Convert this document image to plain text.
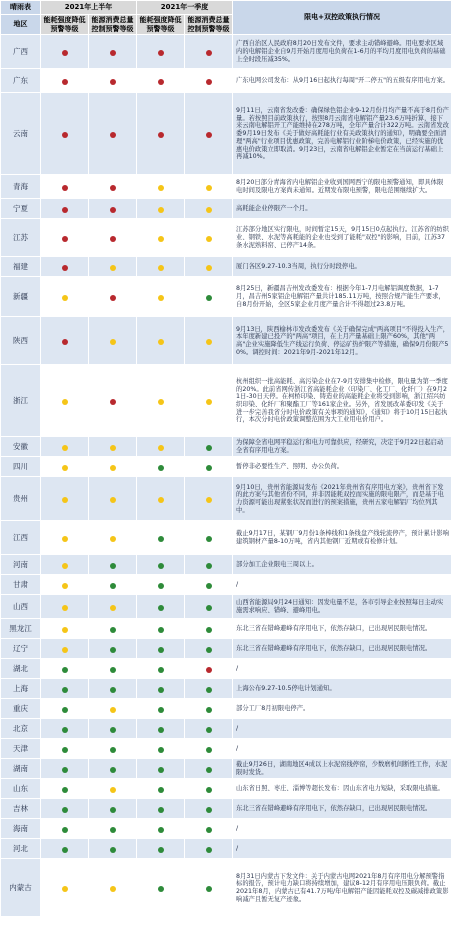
晴雨表	2021年上半年		2021年一季度		限电+双控政策执行情况
地区	能耗强度降低预警等级	能源消费总量控制预警等级	能耗强度降低预警等级	能源消费总量控制预警等级	
广西					广西自治区人民政府8月20日发布文件，要求主动错峰避峰。用电要求区域内的电解铝企业自9月开始月度用电负荷在1-6月的平均月度用电负荷的基础上全时段压减35%。
广东					广东电网公司发布：从9月16日起执行每周"开二停五"的五级有序用电方案。
云南					9月11日，云南省发改委：确保绿色铝企业9-12月份月均产量不高于8月份产量。若按照目前政策执行，按照8月云南省电解铝产量23.6万吨折算，接下来云南电解铝开工产能维持在278万吨，全年产量合计322万吨。云南省发改委9月19日发布《关于做好高耗能行业有关政策执行的通知》，明确要全面清理"两高"行业项目优惠政策，完善电解铝行业阶梯电价政策，已经实施的优惠电价政策立即取消。9月23日，云南省电解铝企业暂定在当前运行基础上再减10%。
青海					8月20日部分青海省内电解铝企业收到国网西宁的限电预警通知，即具体限电时间及限电方案尚未通知。近期发布限电预警，限电范围继续扩大。
宁夏					高耗能企业停限产一个月。
江苏					江苏部分地区实行限电，时间暂定15天，9月15日0点起执行。江苏省的纺织业、钢铁、水泥等高耗能的企业也受到了能耗"双控"的影响，目前，江苏37条水泥熟料窑、已停产14条。
福建					厦门各区9.27-10.3当周，执行分时段停电。
新疆					8月25日，新疆昌吉州发改委发布：根据今年1-7月电解铝调度数据，1-7月，昌吉州5家铝企电解铝产量共计185.11万吨，按照合规产能生产要求，自8月份开始，全区5家企业月度产量合计不得超过23.8万吨。
陕西					9月13日，陕西榆林市发改委发布《关于确保完成"两高项目"不得投入生产，本年度新建已投产的"两高"项目，在上月产量基础上限产60%，其他"两高"企业实施降低生产线运行负荷、停运矿热炉限产等措施，确保9月份限产50%。调控时间：2021年9月-2021年12月。
浙江					杭州组织一批高能耗、高污染企业在7-9月安排集中检修，限电量为第一季度的20%。此前省网传浙江省高能耗企业（印染厂、化工厂、化纤厂）在9月21日-30日天停。在柯桥印染、铸造业的高能耗企业将受到影响，浙江绍兴纺织印染、化纤厂和聚酯工厂等161家企业。另外，省发展改革委印发《关于进一步完善我省分时电价政策有关事项的通知》，《通知》将于10月15日起执行，本次分时电价政策调整范围为大工业用电价用户。
安徽					为保障全省电网平稳运行和电力可靠供应，经研究，决定于9月22日起启动全省有序用电方案。
四川					暂停非必要性生产、照明、办公负荷。
贵州					9月10日，贵州省能源局发布《2021年贵州省有序用电方案》，贵州省下发的此方案与其他省份不同，并非因能耗双控而实施的限电限产，而是基于电力资源可能出现紧张状况而进行的预案措施，贵州五家电解铝厂均位列其中。
江西					截止9月17日，某钢厂9月份1条棒线和1条线盘产线轮流停产，预计累计影响建筑钢材产量8-10万吨，省内其他钢厂近期或有检修计划。
河南					部分加工企业限电三周以上。
甘肃					/
山西					山西省能源局9月24日通知：因发电量不足，各市引导企业按照每日主动实施需求响应、错峰、避峰用电。
黑龙江					东北三省在错峰避峰有序用电下，依然存缺口，已出现居民限电情况。
辽宁					东北三省在错峰避峰有序用电下，依然存缺口，已出现居民限电情况。
湖北					/
上海					上海公布9.27-10.5停电计划通知。
重庆					部分工厂8月初限电停产。
北京					/
天津					/
湖南					截止9月26日，湖南地区4成以上水泥窑线停窑，少数磨机间断性工作，水泥限时发货。
山东					山东省日照、枣庄、淄博等超长发布：因山东省电力短缺，采取限电措施。
吉林					东北三省在错峰避峰有序用电下，依然存缺口，已出现居民限电情况。
海南					/
河北					/
内蒙古					8月31日内蒙古下发文件：关于内蒙古电网2021年8月有序用电分解预警指标的报告，预计电力缺口将持续增加，建议8-12月有序用电压限负荷。截止2021年8月，内蒙古已有41.7万吨/年电解铝产能因能耗双控及碳减排政策影响减产且暂无复产迹象。
